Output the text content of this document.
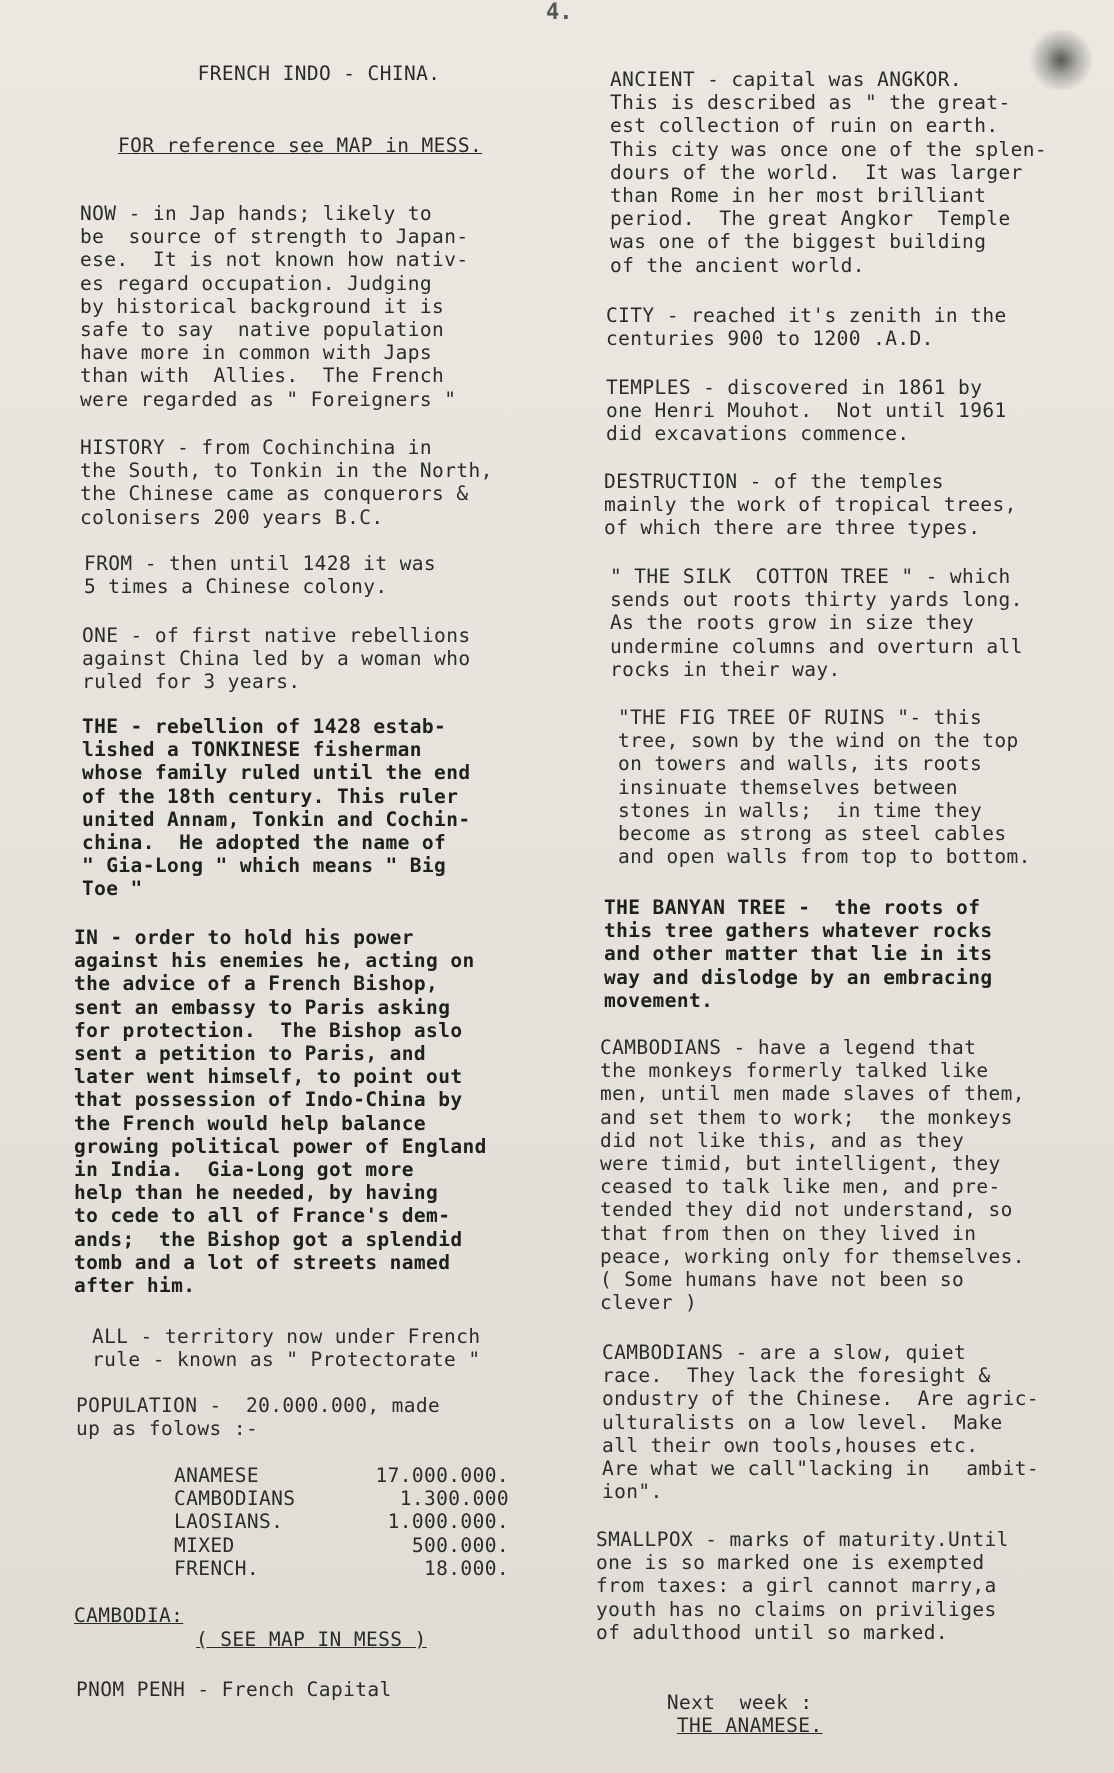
4.

FRENCH INDO - CHINA.

FOR reference see MAP in MESS.

NOW - in Jap hands; likely to
be  source of strength to Japan-
ese.  It is not known how nativ-
es regard occupation. Judging
by historical background it is
safe to say  native population
have more in common with Japs
than with  Allies.  The French
were regarded as " Foreigners "

HISTORY - from Cochinchina in
the South, to Tonkin in the North,
the Chinese came as conquerors &
colonisers 200 years B.C.

FROM - then until 1428 it was
5 times a Chinese colony.

ONE - of first native rebellions
against China led by a woman who
ruled for 3 years.

THE - rebellion of 1428 estab-
lished a TONKINESE fisherman
whose family ruled until the end
of the 18th century. This ruler
united Annam, Tonkin and Cochin-
china.  He adopted the name of
" Gia-Long " which means " Big
Toe "

IN - order to hold his power
against his enemies he, acting on
the advice of a French Bishop,
sent an embassy to Paris asking
for protection.  The Bishop aslo
sent a petition to Paris, and
later went himself, to point out
that possession of Indo-China by
the French would help balance
growing political power of England
in India.  Gia-Long got more
help than he needed, by having
to cede to all of France's dem-
ands;  the Bishop got a splendid
tomb and a lot of streets named
after him.

ALL - territory now under French
rule - known as " Protectorate "

POPULATION -  20.000.000, made
up as folows :-

ANAMESE	17.000.000.
CAMBODIANS	1.300.000
LAOSIANS.	1.000.000.
MIXED	500.000.
FRENCH.	18.000.

CAMBODIA:

( SEE MAP IN MESS )

PNOM PENH - French Capital

ANCIENT - capital was ANGKOR.
This is described as " the great-
est collection of ruin on earth.
This city was once one of the splen-
dours of the world.  It was larger
than Rome in her most brilliant
period.  The great Angkor  Temple
was one of the biggest building
of the ancient world.

CITY - reached it's zenith in the
centuries 900 to 1200 .A.D.

TEMPLES - discovered in 1861 by
one Henri Mouhot.  Not until 1961
did excavations commence.

DESTRUCTION - of the temples
mainly the work of tropical trees,
of which there are three types.

" THE SILK  COTTON TREE " - which
sends out roots thirty yards long.
As the roots grow in size they
undermine columns and overturn all
rocks in their way.

"THE FIG TREE OF RUINS "- this
tree, sown by the wind on the top
on towers and walls, its roots
insinuate themselves between
stones in walls;  in time they
become as strong as steel cables
and open walls from top to bottom.

THE BANYAN TREE -  the roots of
this tree gathers whatever rocks
and other matter that lie in its
way and dislodge by an embracing
movement.

CAMBODIANS - have a legend that
the monkeys formerly talked like
men, until men made slaves of them,
and set them to work;  the monkeys
did not like this, and as they
were timid, but intelligent, they
ceased to talk like men, and pre-
tended they did not understand, so
that from then on they lived in
peace, working only for themselves.
( Some humans have not been so
clever )

CAMBODIANS - are a slow, quiet
race.  They lack the foresight &
ondustry of the Chinese.  Are agric-
ulturalists on a low level.  Make
all their own tools,houses etc.
Are what we call"lacking in   ambit-
ion".

SMALLPOX - marks of maturity.Until
one is so marked one is exempted
from taxes: a girl cannot marry,a
youth has no claims on priviliges
of adulthood until so marked.

Next  week :
THE ANAMESE.
